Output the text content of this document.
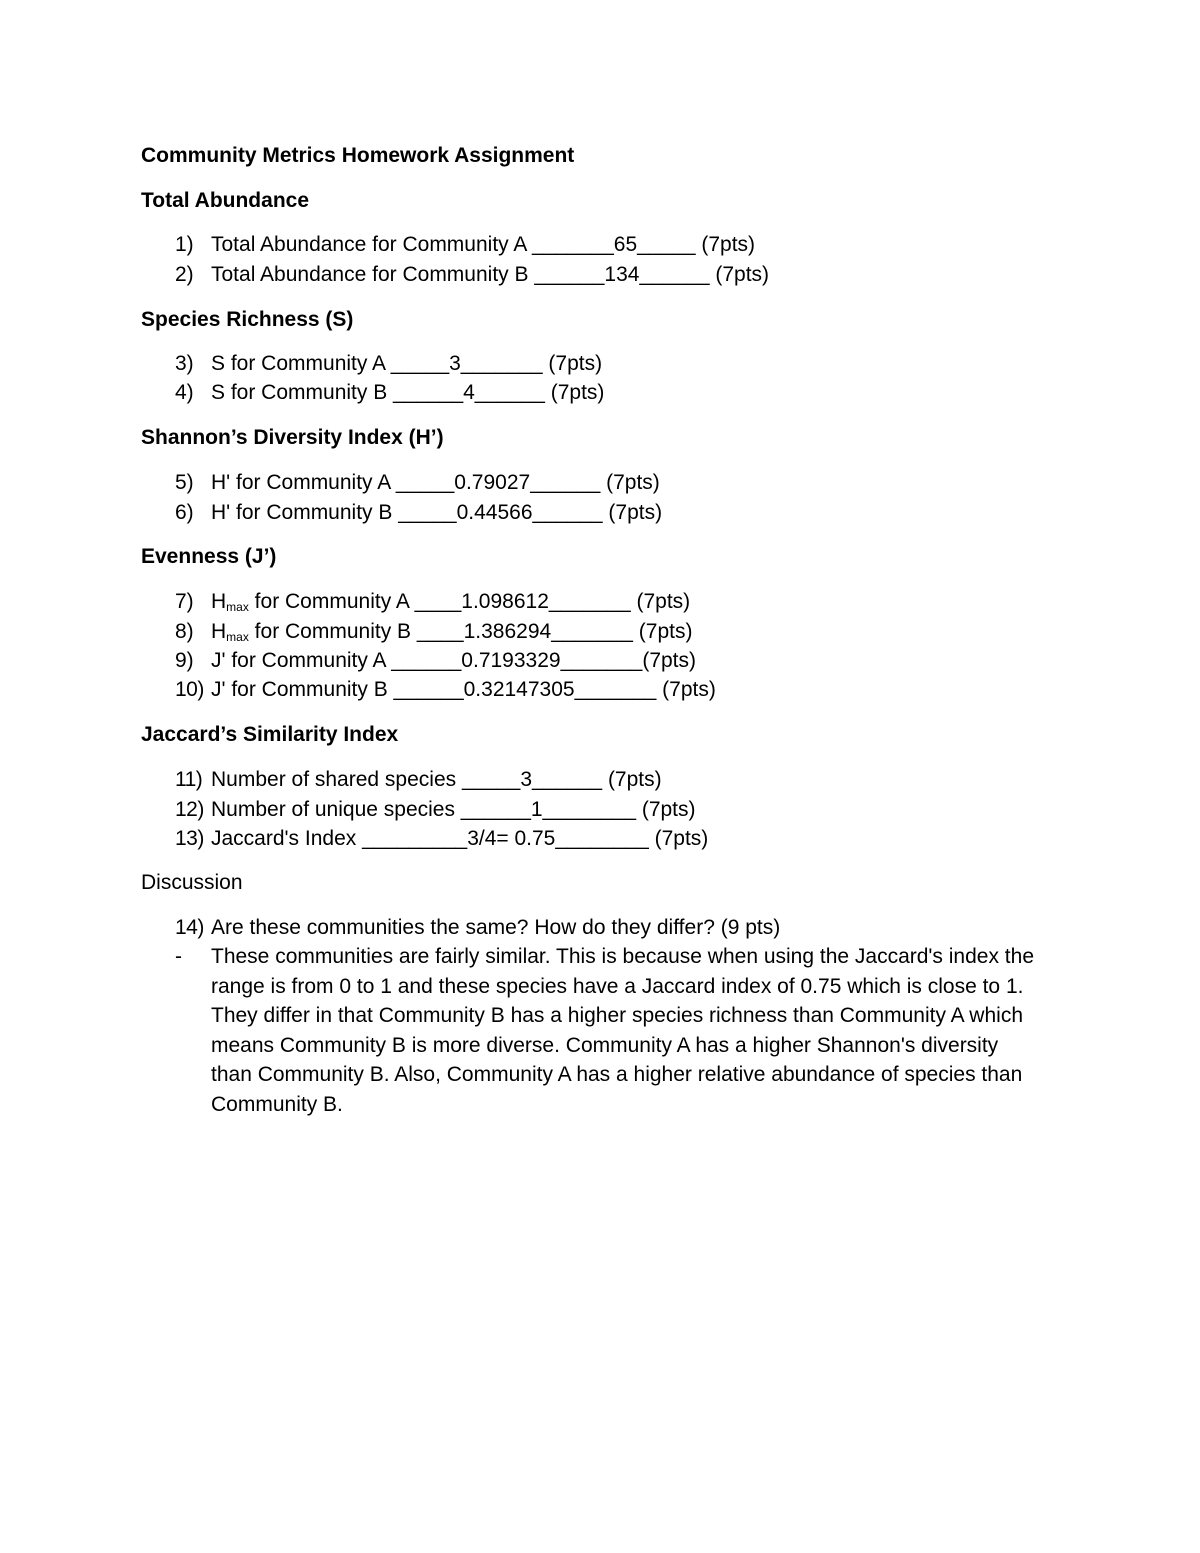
Community Metrics Homework Assignment
Total Abundance
1) Total Abundance for Community A _______65_____ (7pts)
2) Total Abundance for Community B ______134______ (7pts)
Species Richness (S)
3) S for Community A _____3_______ (7pts)
4) S for Community B ______4______ (7pts)
Shannon’s Diversity Index (H’)
5) H' for Community A _____0.79027______ (7pts)
6) H' for Community B _____0.44566______ (7pts)
Evenness (J’)
7) $H_{max}$ for Community A ____1.098612_______ (7pts)
8) $H_{max}$ for Community B ____1.386294_______ (7pts)
9) J' for Community A ______0.7193329_______(7pts)
10) J' for Community B ______0.32147305_______ (7pts)
Jaccard’s Similarity Index
11) Number of shared species _____3______ (7pts)
12) Number of unique species ______1________ (7pts)
13) Jaccard's Index _________3/4= 0.75________ (7pts)
Discussion
14) Are these communities the same? How do they differ? (9 pts)
- These communities are fairly similar. This is because when using the Jaccard's index the range is from 0 to 1 and these species have a Jaccard index of 0.75 which is close to 1. They differ in that Community B has a higher species richness than Community A which means Community B is more diverse. Community A has a higher Shannon's diversity than Community B. Also, Community A has a higher relative abundance of species than Community B.
